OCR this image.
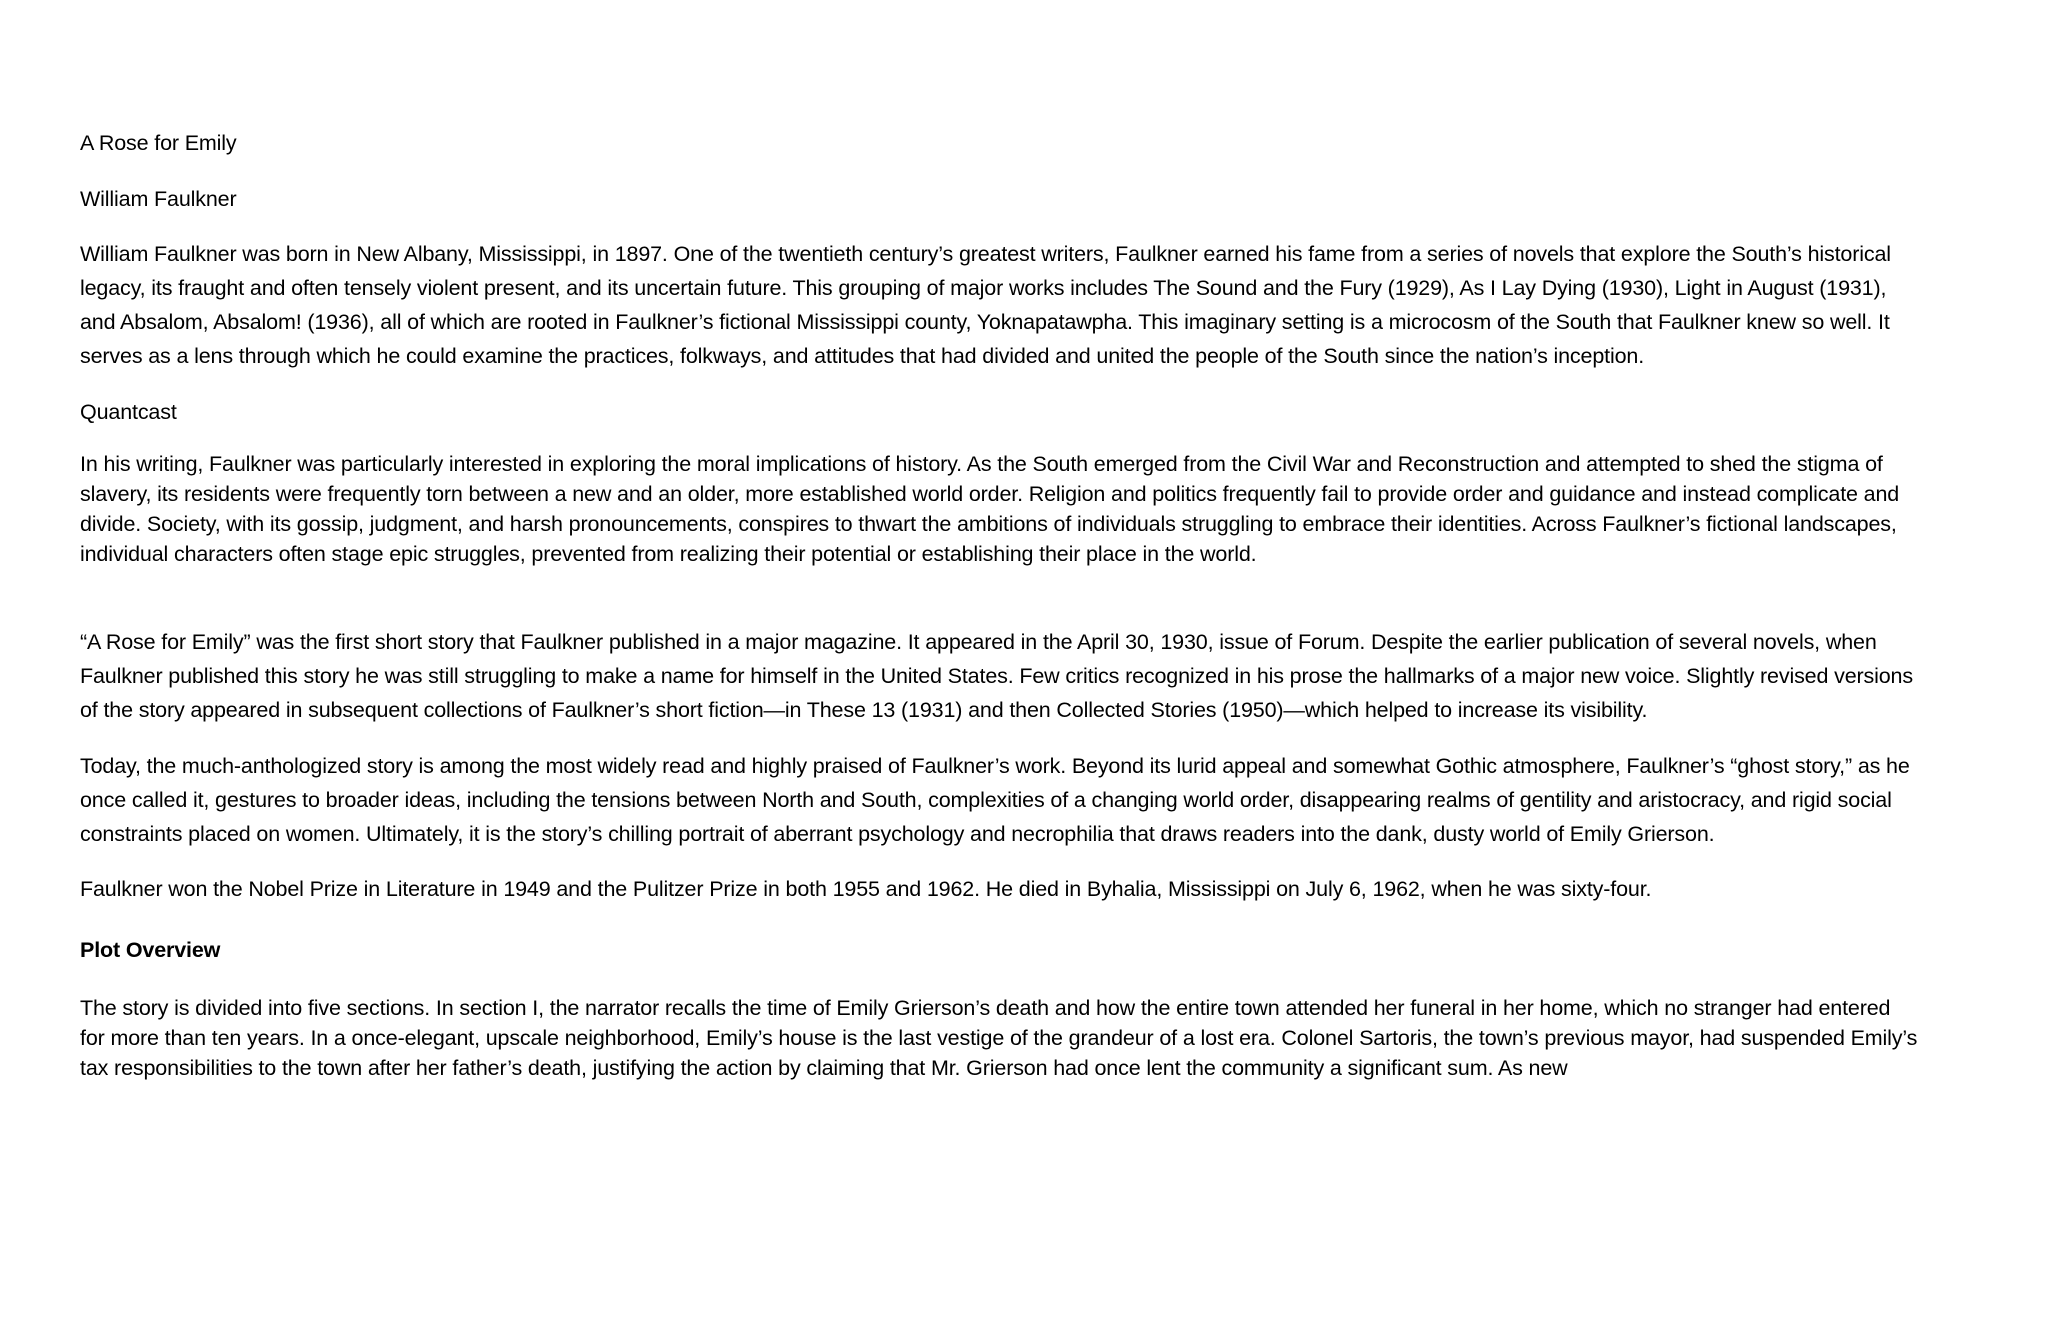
A Rose for Emily

William Faulkner

William Faulkner was born in New Albany, Mississippi, in 1897. One of the twentieth century’s greatest writers, Faulkner earned his fame from a series of novels that explore the South’s historical legacy, its fraught and often tensely violent present, and its uncertain future. This grouping of major works includes The Sound and the Fury (1929), As I Lay Dying (1930), Light in August (1931), and Absalom, Absalom! (1936), all of which are rooted in Faulkner’s fictional Mississippi county, Yoknapatawpha. This imaginary setting is a microcosm of the South that Faulkner knew so well. It serves as a lens through which he could examine the practices, folkways, and attitudes that had divided and united the people of the South since the nation’s inception.

Quantcast

In his writing, Faulkner was particularly interested in exploring the moral implications of history. As the South emerged from the Civil War and Reconstruction and attempted to shed the stigma of slavery, its residents were frequently torn between a new and an older, more established world order. Religion and politics frequently fail to provide order and guidance and instead complicate and divide. Society, with its gossip, judgment, and harsh pronouncements, conspires to thwart the ambitions of individuals struggling to embrace their identities. Across Faulkner’s fictional landscapes, individual characters often stage epic struggles, prevented from realizing their potential or establishing their place in the world.

“A Rose for Emily” was the first short story that Faulkner published in a major magazine. It appeared in the April 30, 1930, issue of Forum. Despite the earlier publication of several novels, when Faulkner published this story he was still struggling to make a name for himself in the United States. Few critics recognized in his prose the hallmarks of a major new voice. Slightly revised versions of the story appeared in subsequent collections of Faulkner’s short fiction—in These 13 (1931) and then Collected Stories (1950)—which helped to increase its visibility.

Today, the much-anthologized story is among the most widely read and highly praised of Faulkner’s work. Beyond its lurid appeal and somewhat Gothic atmosphere, Faulkner’s “ghost story,” as he once called it, gestures to broader ideas, including the tensions between North and South, complexities of a changing world order, disappearing realms of gentility and aristocracy, and rigid social constraints placed on women. Ultimately, it is the story’s chilling portrait of aberrant psychology and necrophilia that draws readers into the dank, dusty world of Emily Grierson.

Faulkner won the Nobel Prize in Literature in 1949 and the Pulitzer Prize in both 1955 and 1962. He died in Byhalia, Mississippi on July 6, 1962, when he was sixty-four.

Plot Overview

The story is divided into five sections. In section I, the narrator recalls the time of Emily Grierson’s death and how the entire town attended her funeral in her home, which no stranger had entered for more than ten years. In a once-elegant, upscale neighborhood, Emily’s house is the last vestige of the grandeur of a lost era. Colonel Sartoris, the town’s previous mayor, had suspended Emily’s tax responsibilities to the town after her father’s death, justifying the action by claiming that Mr. Grierson had once lent the community a significant sum. As new
